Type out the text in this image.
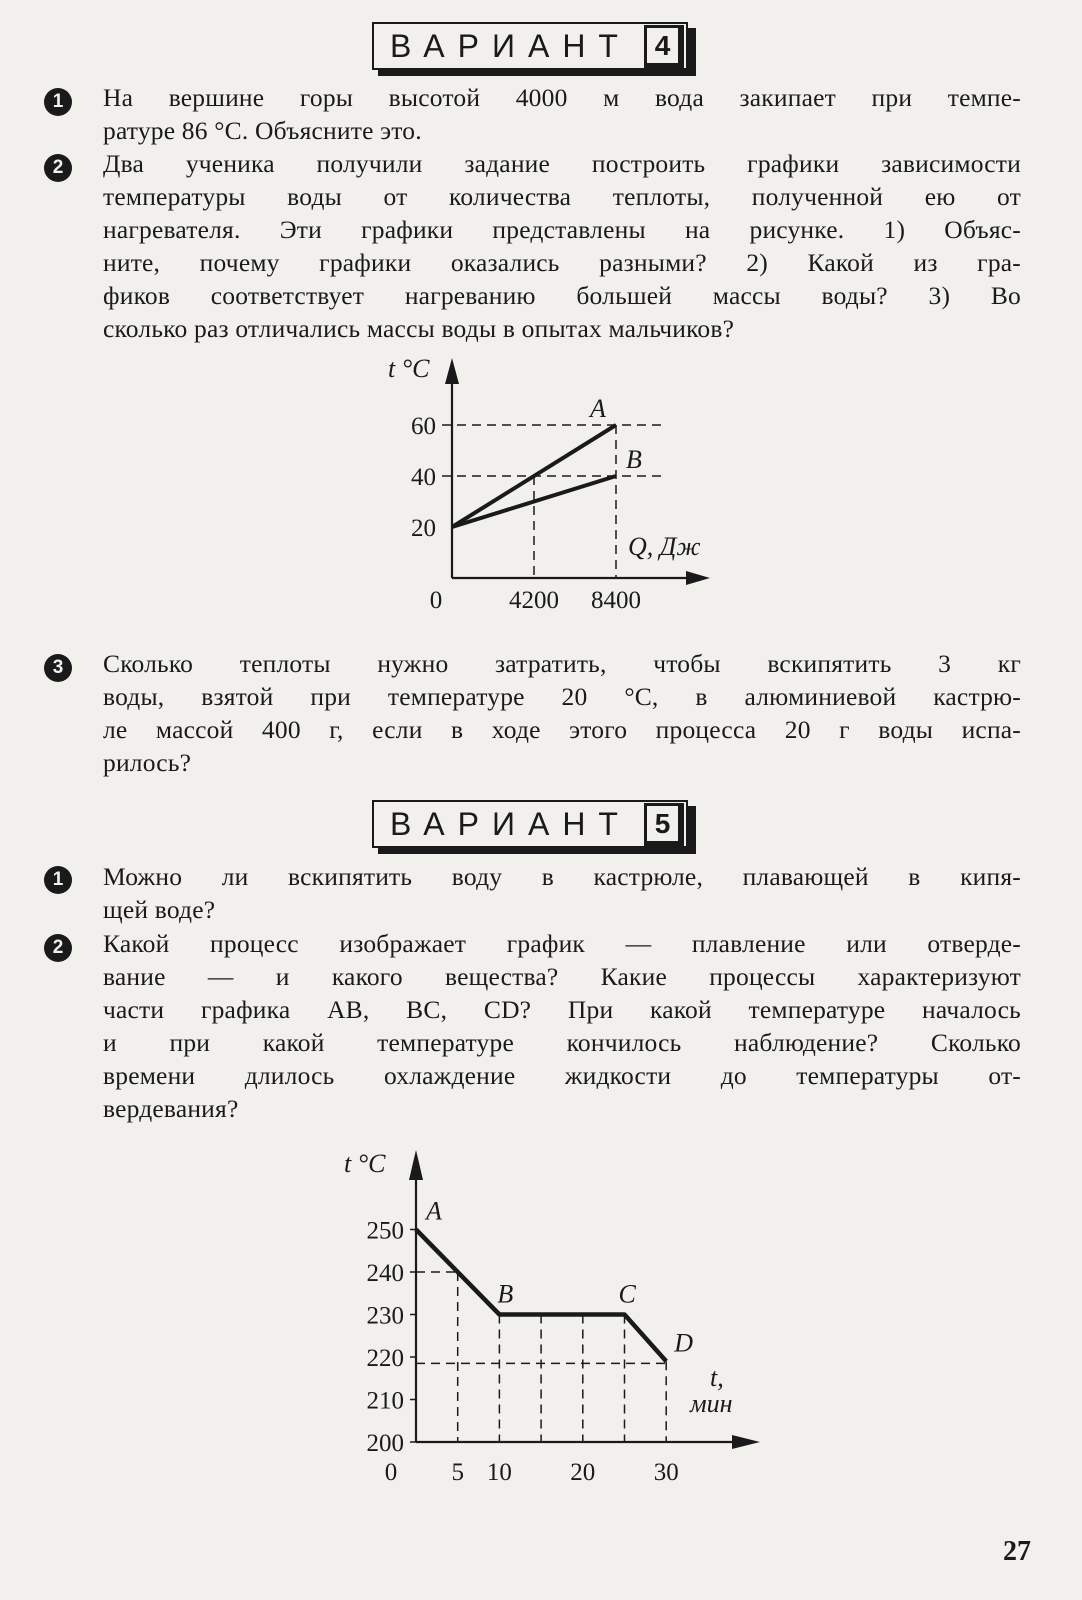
ВАРИАНТ 4
1	На вершине горы высотой 4000 м вода закипает при темпе-
ратуре 86 °С. Объясните это.
2	Два ученика получили задание построить графики зависимости
температуры воды от количества теплоты, полученной ею от
нагревателя. Эти графики представлены на рисунке. 1) Объяс-
ните, почему графики оказались разными? 2) Какой из гра-
фиков соответствует нагреванию большей массы воды? 3) Во
сколько раз отличались массы воды в опытах мальчиков?
t °C
Q, Дж
20
40
60
0	4200 8400
A
B
3	Сколько теплоты нужно затратить, чтобы вскипятить 3 кг
воды, взятой при температуре 20 °С, в алюминиевой кастрю-
ле массой 400 г, если в ходе этого процесса 20 г воды испа-
рилось?
ВАРИАНТ 5
1	Можно ли вскипятить воду в кастрюле, плавающей в кипя-
щей воде?
2	Какой процесс изображает график — плавление или отверде-
вание — и какого вещества? Какие процессы характеризуют
части графика AB, BC, CD? При какой температуре началось
и при какой температуре кончилось наблюдение? Сколько
времени длилось охлаждение жидкости до температуры от-
вердевания?
t °C
t,
мин
200
210
220
230
240
250
0 5 10 20 30
A
B	C
D
27
